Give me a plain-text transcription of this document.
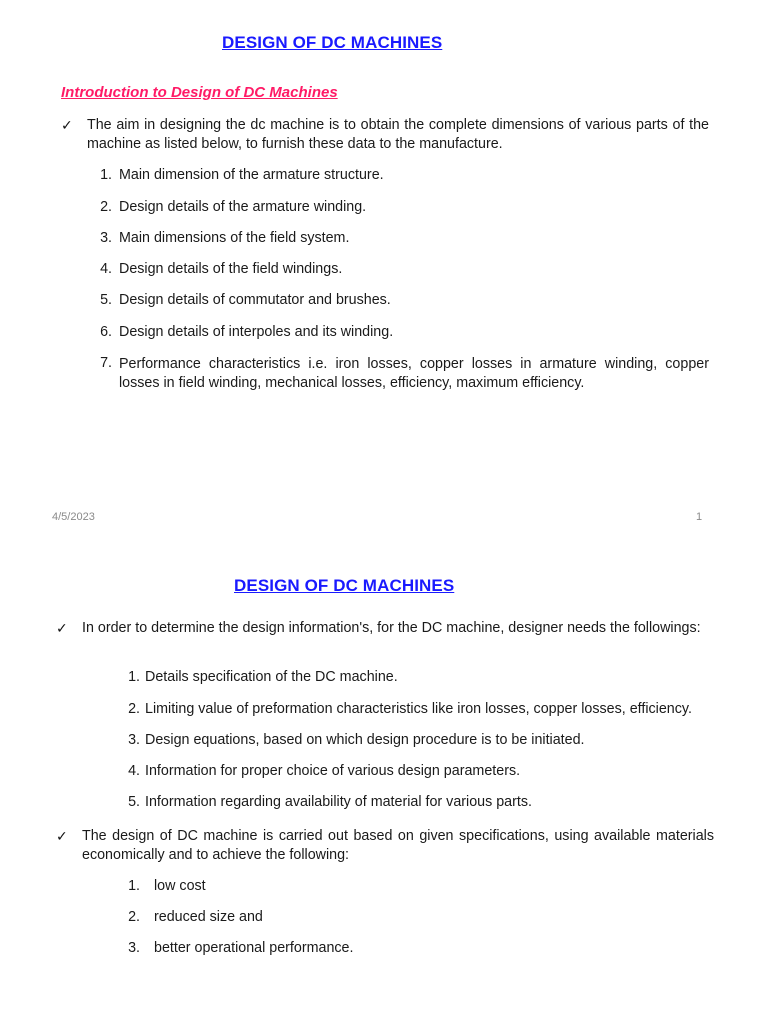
DESIGN OF DC MACHINES
Introduction to Design of DC Machines
4/5/2023	1
✓ The aim in designing the dc machine is to obtain the complete dimensions of various parts of the machine as listed below, to furnish these data to the manufacture.
1. Main dimension of the armature structure.
2. Design details of the armature winding.
3. Main dimensions of the field system.
4.Design details of the field windings.
5. Design details of commutator and brushes.
6. Design details of interpoles and its winding.
7. Performance characteristics i.e. iron losses, copper losses in armature winding, copper losses in field winding, mechanical losses, efficiency, maximum efficiency.
DESIGN OF DC MACHINES
✓ In order to determine the design information's, for the DC machine, designer needs the followings:
1. Details specification of the DC machine.
2. Limiting value of preformation characteristics like iron losses, copper losses, efficiency.
3. Design equations, based on which design procedure is to be initiated.
4. Information for proper choice of various design parameters.
5. Information regarding availability of material for various parts.
✓ The design of DC machine is carried out based on given specifications, using available materials economically and to achieve the following:
1. low cost
2. reduced size and
3. better operational performance.
